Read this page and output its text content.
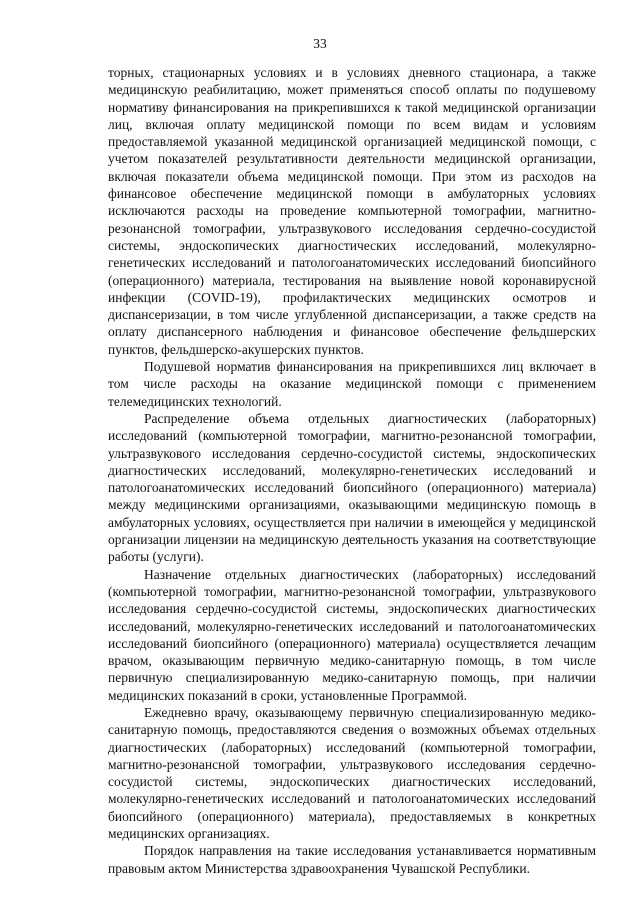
33

торных, стационарных условиях и в условиях дневного стационара, а также медицинскую реабилитацию, может применяться способ оплаты по подушевому нормативу финансирования на прикрепившихся к такой медицинской организации лиц, включая оплату медицинской помощи по всем видам и условиям предоставляемой указанной медицинской организацией медицинской помощи, с учетом показателей результативности деятельности медицинской организации, включая показатели объема медицинской помощи. При этом из расходов на финансовое обеспечение медицинской помощи в амбулаторных условиях исключаются расходы на проведение компьютерной томографии, магнитно-резонансной томографии, ультразвукового исследования сердечно-сосудистой системы, эндоскопических диагностических исследований, молекулярно-генетических исследований и патологоанатомических исследований биопсийного (операционного) материала, тестирования на выявление новой коронавирусной инфекции (COVID-19), профилактических медицинских осмотров и диспансеризации, в том числе углубленной диспансеризации, а также средств на оплату диспансерного наблюдения и финансовое обеспечение фельдшерских пунктов, фельдшерско-акушерских пунктов.

Подушевой норматив финансирования на прикрепившихся лиц включает в том числе расходы на оказание медицинской помощи с применением телемедицинских технологий.

Распределение объема отдельных диагностических (лабораторных) исследований (компьютерной томографии, магнитно-резонансной томографии, ультразвукового исследования сердечно-сосудистой системы, эндоскопических диагностических исследований, молекулярно-генетических исследований и патологоанатомических исследований биопсийного (операционного) материала) между медицинскими организациями, оказывающими медицинскую помощь в амбулаторных условиях, осуществляется при наличии в имеющейся у медицинской организации лицензии на медицинскую деятельность указания на соответствующие работы (услуги).

Назначение отдельных диагностических (лабораторных) исследований (компьютерной томографии, магнитно-резонансной томографии, ультразвукового исследования сердечно-сосудистой системы, эндоскопических диагностических исследований, молекулярно-генетических исследований и патологоанатомических исследований биопсийного (операционного) материала) осуществляется лечащим врачом, оказывающим первичную медико-санитарную помощь, в том числе первичную специализированную медико-санитарную помощь, при наличии медицинских показаний в сроки, установленные Программой.

Ежедневно врачу, оказывающему первичную специализированную медико-санитарную помощь, предоставляются сведения о возможных объемах отдельных диагностических (лабораторных) исследований (компьютерной томографии, магнитно-резонансной томографии, ультразвукового исследования сердечно-сосудистой системы, эндоскопических диагностических исследований, молекулярно-генетических исследований и патологоанатомических исследований биопсийного (операционного) материала), предоставляемых в конкретных медицинских организациях.

Порядок направления на такие исследования устанавливается нормативным правовым актом Министерства здравоохранения Чувашской Республики.
